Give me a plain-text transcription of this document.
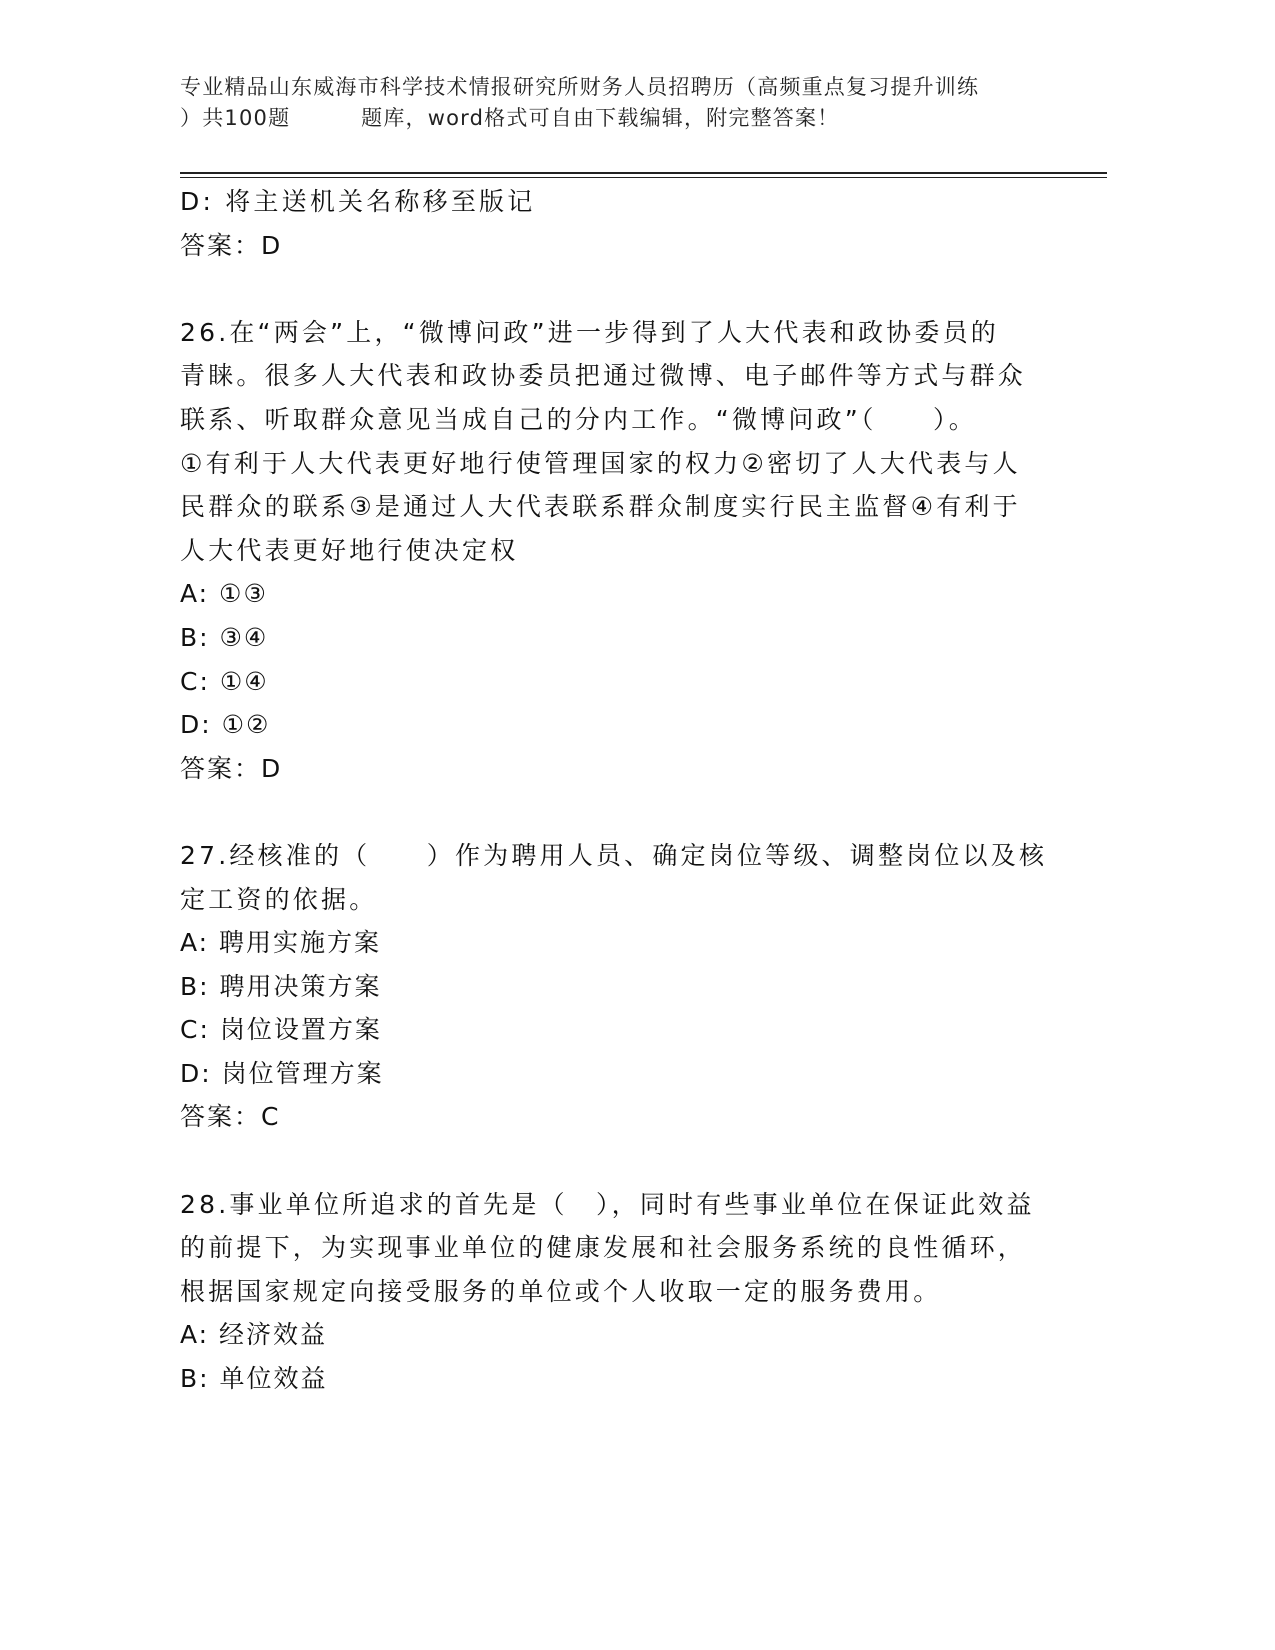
专业精品山东威海市科学技术情报研究所财务人员招聘历（高频重点复习提升训练
）共100题         题库，word格式可自由下载编辑，附完整答案！
D: 将主送机关名称移至版记
答案：D
26.在“两会”上，“微博问政”进一步得到了人大代表和政协委员的
青睐。很多人大代表和政协委员把通过微博、电子邮件等方式与群众
联系、听取群众意见当成自己的分内工作。“微博问政”（　　）。
①有利于人大代表更好地行使管理国家的权力②密切了人大代表与人
民群众的联系③是通过人大代表联系群众制度实行民主监督④有利于
人大代表更好地行使决定权
A: ①③
B: ③④
C: ①④
D: ①②
答案：D
27.经核准的（　　）作为聘用人员、确定岗位等级、调整岗位以及核
定工资的依据。
A: 聘用实施方案
B: 聘用决策方案
C: 岗位设置方案
D: 岗位管理方案
答案：C
28.事业单位所追求的首先是（　），同时有些事业单位在保证此效益
的前提下，为实现事业单位的健康发展和社会服务系统的良性循环，
根据国家规定向接受服务的单位或个人收取一定的服务费用。
A: 经济效益
B: 单位效益
